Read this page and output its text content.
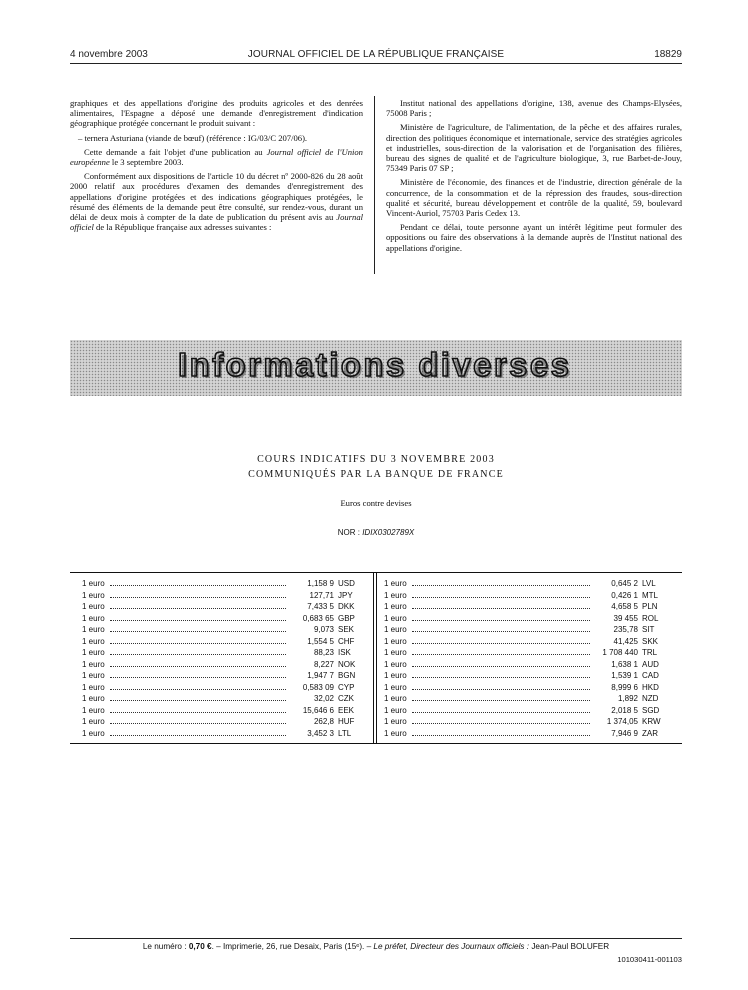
4 novembre 2003	JOURNAL OFFICIEL DE LA RÉPUBLIQUE FRANÇAISE	18829

graphiques et des appellations d'origine des produits agricoles et des denrées alimentaires, l'Espagne a déposé une demande d'enregistrement d'indication géographique protégée concernant le produit suivant :

– ternera Asturiana (viande de bœuf) (référence : IG/03/C 207/06).

Cette demande a fait l'objet d'une publication au Journal officiel de l'Union européenne le 3 septembre 2003.

Conformément aux dispositions de l'article 10 du décret nº 2000-826 du 28 août 2000 relatif aux procédures d'examen des demandes d'enregistrement des appellations d'origine protégées et des indications géographiques protégées, le résumé des éléments de la demande peut être consulté, sur rendez-vous, durant un délai de deux mois à compter de la date de publication du présent avis au Journal officiel de la République française aux adresses suivantes :

Institut national des appellations d'origine, 138, avenue des Champs-Elysées, 75008 Paris ;

Ministère de l'agriculture, de l'alimentation, de la pêche et des affaires rurales, direction des politiques économique et internationale, service des stratégies agricoles et industrielles, sous-direction de la valorisation et de l'organisation des filières, bureau des signes de qualité et de l'agriculture biologique, 3, rue Barbet-de-Jouy, 75349 Paris 07 SP ;

Ministère de l'économie, des finances et de l'industrie, direction générale de la concurrence, de la consommation et de la répression des fraudes, sous-direction qualité et sécurité, bureau développement et contrôle de la qualité, 59, boulevard Vincent-Auriol, 75703 Paris Cedex 13.

Pendant ce délai, toute personne ayant un intérêt légitime peut formuler des oppositions ou faire des observations à la demande auprès de l'Institut national des appellations d'origine.

Informations diverses
COURS INDICATIFS DU 3 NOVEMBRE 2003
COMMUNIQUÉS PAR LA BANQUE DE FRANCE
Euros contre devises
NOR : IDIX0302789X
1 euro	1,158 9 USD
1 euro	127,71 JPY
1 euro	7,433 5 DKK
1 euro	0,683 65 GBP
1 euro	9,073 SEK
1 euro	1,554 5 CHF
1 euro	88,23 ISK
1 euro	8,227 NOK
1 euro	1,947 7 BGN
1 euro	0,583 09 CYP
1 euro	32,02 CZK
1 euro	15,646 6 EEK
1 euro	262,8 HUF
1 euro	3,452 3 LTL
1 euro	0,645 2 LVL
1 euro	0,426 1 MTL
1 euro	4,658 5 PLN
1 euro	39 455 ROL
1 euro	235,78 SIT
1 euro	41,425 SKK
1 euro	1 708 440 TRL
1 euro	1,638 1 AUD
1 euro	1,539 1 CAD
1 euro	8,999 6 HKD
1 euro	1,892 NZD
1 euro	2,018 5 SGD
1 euro	1 374,05 KRW
1 euro	7,946 9 ZAR
Le numéro : 0,70 €. – Imprimerie, 26, rue Desaix, Paris (15ᵉ). – Le préfet, Directeur des Journaux officiels : Jean-Paul BOLUFER
101030411-001103
